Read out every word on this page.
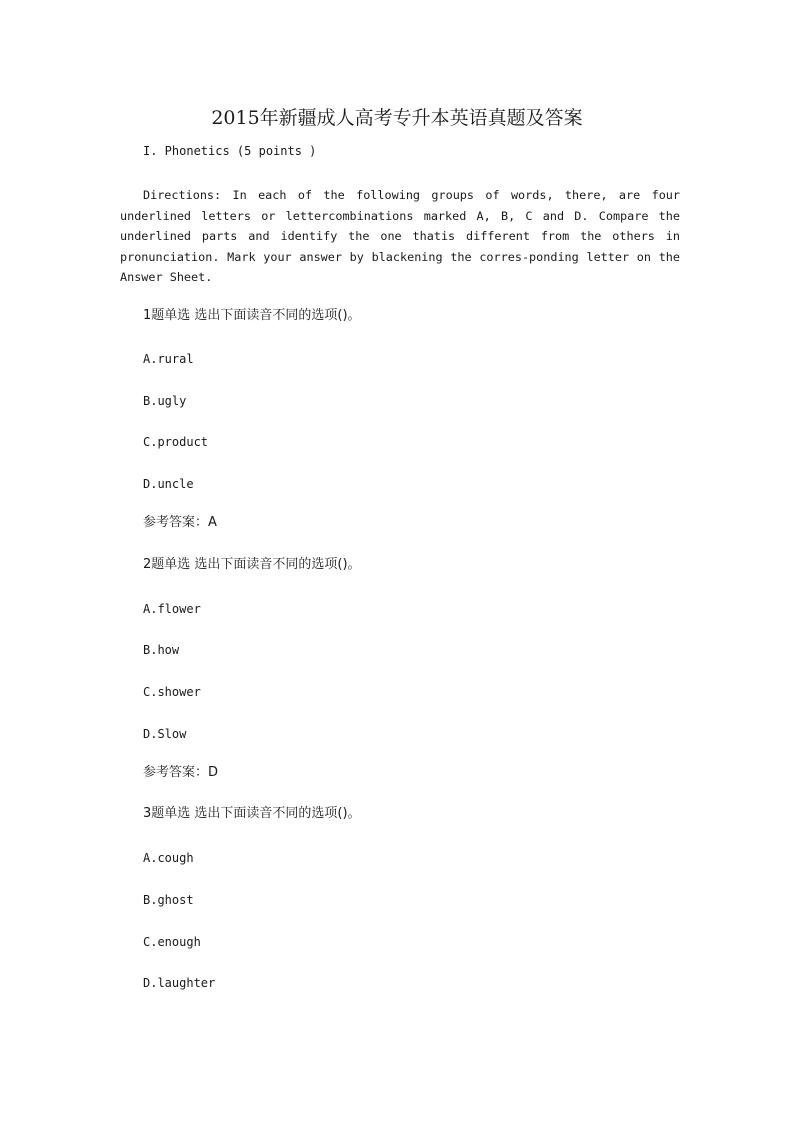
2015年新疆成人高考专升本英语真题及答案
I. Phonetics (5 points )
Directions: In each of the following groups of words, there, are four underlined letters or lettercombinations marked A, B, C and D. Compare the underlined parts and identify the one thatis different from the others in pronunciation. Mark your answer by blackening the corres-ponding letter on the Answer Sheet.
1题单选 选出下面读音不同的选项()。
A.rural
B.ugly
C.product
D.uncle
参考答案：A
2题单选 选出下面读音不同的选项()。
A.flower
B.how
C.shower
D.Slow
参考答案：D
3题单选 选出下面读音不同的选项()。
A.cough
B.ghost
C.enough
D.laughter
